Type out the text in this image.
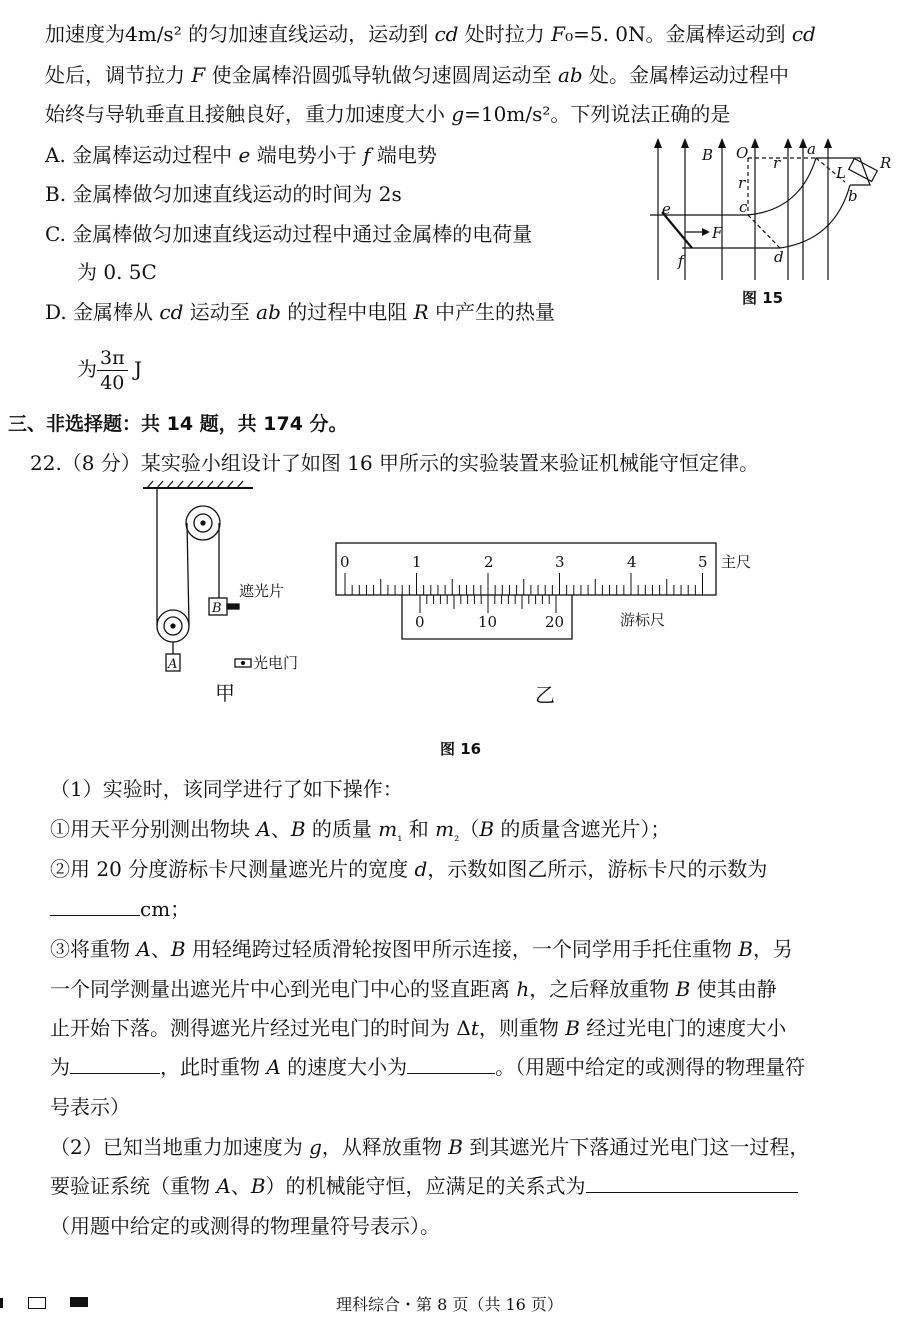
加速度为4m/s² 的匀加速直线运动，运动到 cd 处时拉力 F₀=5. 0N。金属棒运动到 cd
处后，调节拉力 F 使金属棒沿圆弧导轨做匀速圆周运动至 ab 处。金属棒运动过程中
始终与导轨垂直且接触良好，重力加速度大小 g=10m/s²。下列说法正确的是
A. 金属棒运动过程中 e 端电势小于 f 端电势
B. 金属棒做匀加速直线运动的时间为 2s
C. 金属棒做匀加速直线运动过程中通过金属棒的电荷量
为 0. 5C
D. 金属棒从 cd 运动至 ab 的过程中电阻 R 中产生的热量
为 $\frac{3\pi}{40}$ J
B O
r
r
a
b
c
d
e
f
L
R
F
图 15
三、非选择题：共 14 题，共 174 分。
22.（8 分）某实验小组设计了如图 16 甲所示的实验装置来验证机械能守恒定律。
A
B
遮光片
光电门
甲
0	1	2	3	4	5 主尺
0	10	20	游标尺
乙
图 16
（1）实验时，该同学进行了如下操作：
①用天平分别测出物块 A、B 的质量 $m_{_1}$ 和 $m_{_2}(B$ 的质量含遮光片）；
②用 20 分度游标卡尺测量遮光片的宽度 d，示数如图乙所示，游标卡尺的示数为
cm；
③将重物 A、B 用轻绳跨过轻质滑轮按图甲所示连接，一个同学用手托住重物 B，另
一个同学测量出遮光片中心到光电门中心的竖直距离 h，之后释放重物 B 使其由静
止开始下落。测得遮光片经过光电门的时间为 Δt，则重物 B 经过光电门的速度大小
为	，此时重物 A 的速度大小为	。（用题中给定的或测得的物理量符
号表示）
（2）已知当地重力加速度为 g，从释放重物 B 到其遮光片下落通过光电门这一过程，
要验证系统（重物 A、B）的机械能守恒，应满足的关系式为
（用题中给定的或测得的物理量符号表示）。
理科综合・第 8 页（共 16 页）
